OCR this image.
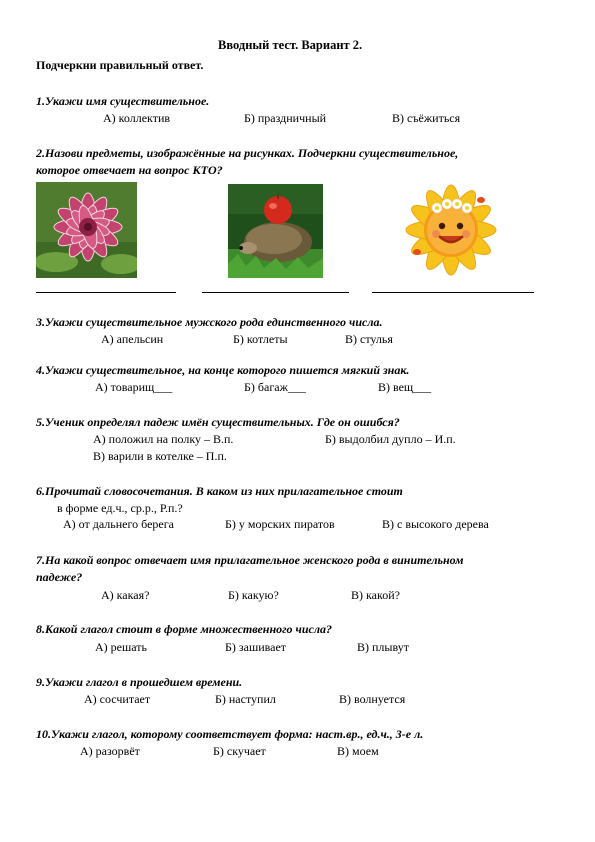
Вводный тест. Вариант 2.
Подчеркни правильный ответ.
1.Укажи имя существительное.
А) коллектив	Б) праздничный	В) съёжиться
2.Назови предметы, изображённые на рисунках. Подчеркни существительное,
которое отвечает на вопрос КТО?
3.Укажи существительное мужского рода единственного числа.
А) апельсин	Б) котлеты	В) стулья
4.Укажи существительное, на конце которого пишется мягкий знак.
А) товарищ___	Б) багаж___	В) вещ___
5.Ученик определял падеж имён существительных. Где он ошибся?
А) положил на полку – В.п.	Б) выдолбил дупло – И.п.
В) варили в котелке – П.п.
6.Прочитай словосочетания. В каком из них прилагательное стоит
в форме ед.ч., ср.р., Р.п.?
А) от дальнего берега	Б) у морских пиратов	В) с высокого дерева
7.На какой вопрос отвечает имя прилагательное женского рода в винительном
падеже?
А) какая?	Б) какую?	В) какой?
8.Какой глагол стоит в форме множественного числа?
А) решать	Б) зашивает	В) плывут
9.Укажи глагол в прошедшем времени.
А) сосчитает	Б) наступил	В) волнуется
10.Укажи глагол, которому соответствует форма: наст.вр., ед.ч., 3-е л.
А) разорвёт	Б) скучает	В) моем
